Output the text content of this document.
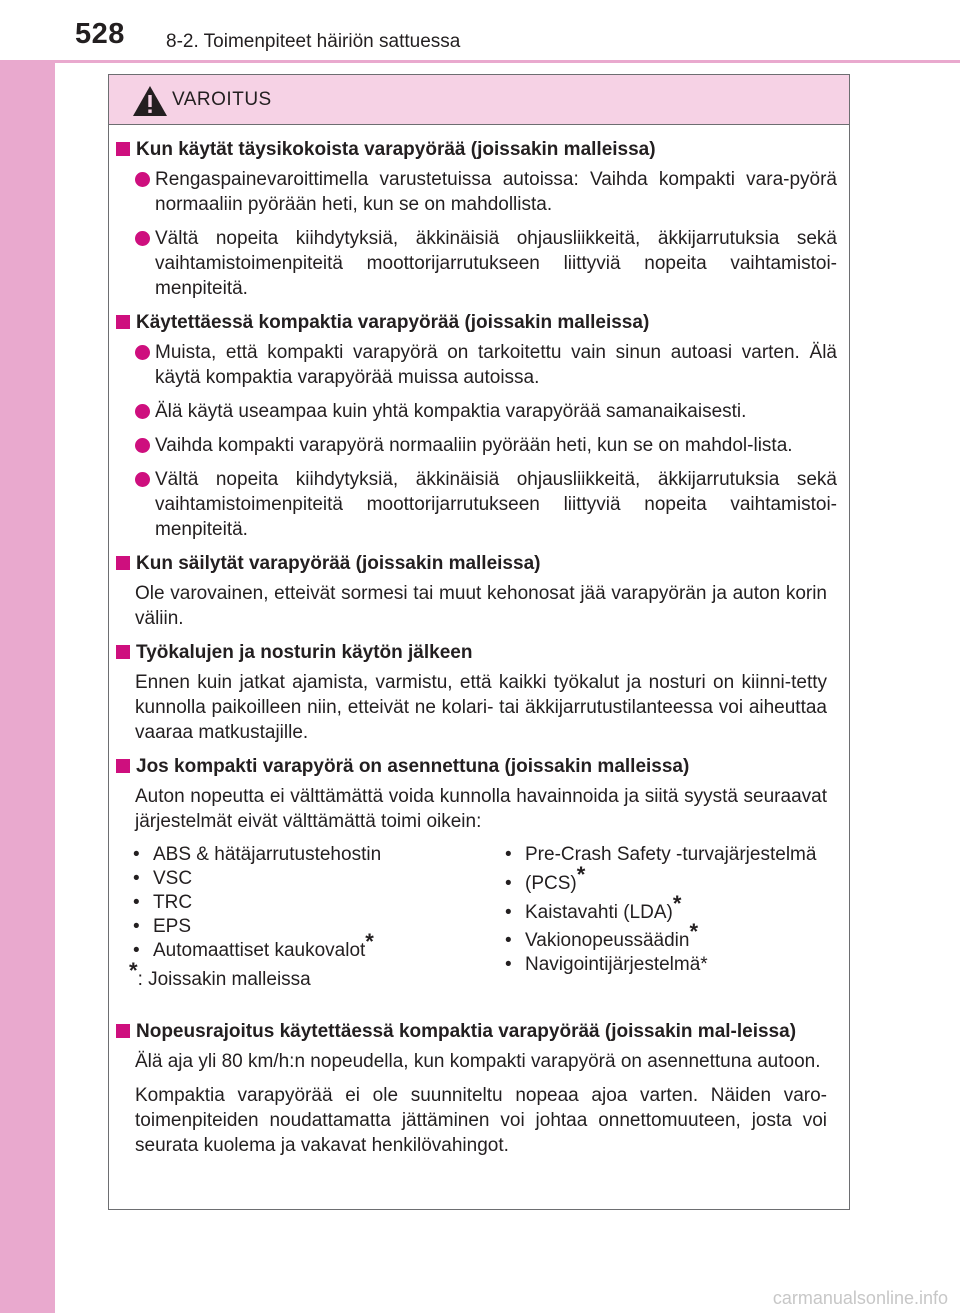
528 8-2. Toimenpiteet häiriön sattuessa
VAROITUS
Kun käytät täysikokoista varapyörää (joissakin malleissa)
Rengaspainevaroittimella varustetuissa autoissa: Vaihda kompakti vara-pyörä normaaliin pyörään heti, kun se on mahdollista.
Vältä nopeita kiihdytyksiä, äkkinäisiä ohjausliikkeitä, äkkijarrutuksia sekä vaihtamistoimenpiteitä moottorijarrutukseen liittyviä nopeita vaihtamistoi-menpiteitä.
Käytettäessä kompaktia varapyörää (joissakin malleissa)
Muista, että kompakti varapyörä on tarkoitettu vain sinun autoasi varten. Älä käytä kompaktia varapyörää muissa autoissa.
Älä käytä useampaa kuin yhtä kompaktia varapyörää samanaikaisesti.
Vaihda kompakti varapyörä normaaliin pyörään heti, kun se on mahdol-lista.
Vältä nopeita kiihdytyksiä, äkkinäisiä ohjausliikkeitä, äkkijarrutuksia sekä vaihtamistoimenpiteitä moottorijarrutukseen liittyviä nopeita vaihtamistoi-menpiteitä.
Kun säilytät varapyörää (joissakin malleissa)
Ole varovainen, etteivät sormesi tai muut kehonosat jää varapyörän ja auton korin väliin.
Työkalujen ja nosturin käytön jälkeen
Ennen kuin jatkat ajamista, varmistu, että kaikki työkalut ja nosturi on kiinni-tetty kunnolla paikoilleen niin, etteivät ne kolari- tai äkkijarrutustilanteessa voi aiheuttaa vaaraa matkustajille.
Jos kompakti varapyörä on asennettuna (joissakin malleissa)
Auton nopeutta ei välttämättä voida kunnolla havainnoida ja siitä syystä seuraavat järjestelmät eivät välttämättä toimi oikein:
• ABS & hätäjarrutustehostin
• VSC
• TRC
• EPS
• Automaattiset kaukovalot*
*: Joissakin malleissa
• Pre-Crash Safety -turvajärjestelmä
• (PCS)*

• Kaistavahti (LDA)*
• Vakionopeussäädin*
• Navigointijärjestelmä*
Nopeusrajoitus käytettäessä kompaktia varapyörää (joissakin mal-leissa)
Älä aja yli 80 km/h:n nopeudella, kun kompakti varapyörä on asennettuna autoon.
Kompaktia varapyörää ei ole suunniteltu nopeaa ajoa varten. Näiden varo-toimenpiteiden noudattamatta jättäminen voi johtaa onnettomuuteen, josta voi seurata kuolema ja vakavat henkilövahingot.
carmanualsonline.info
